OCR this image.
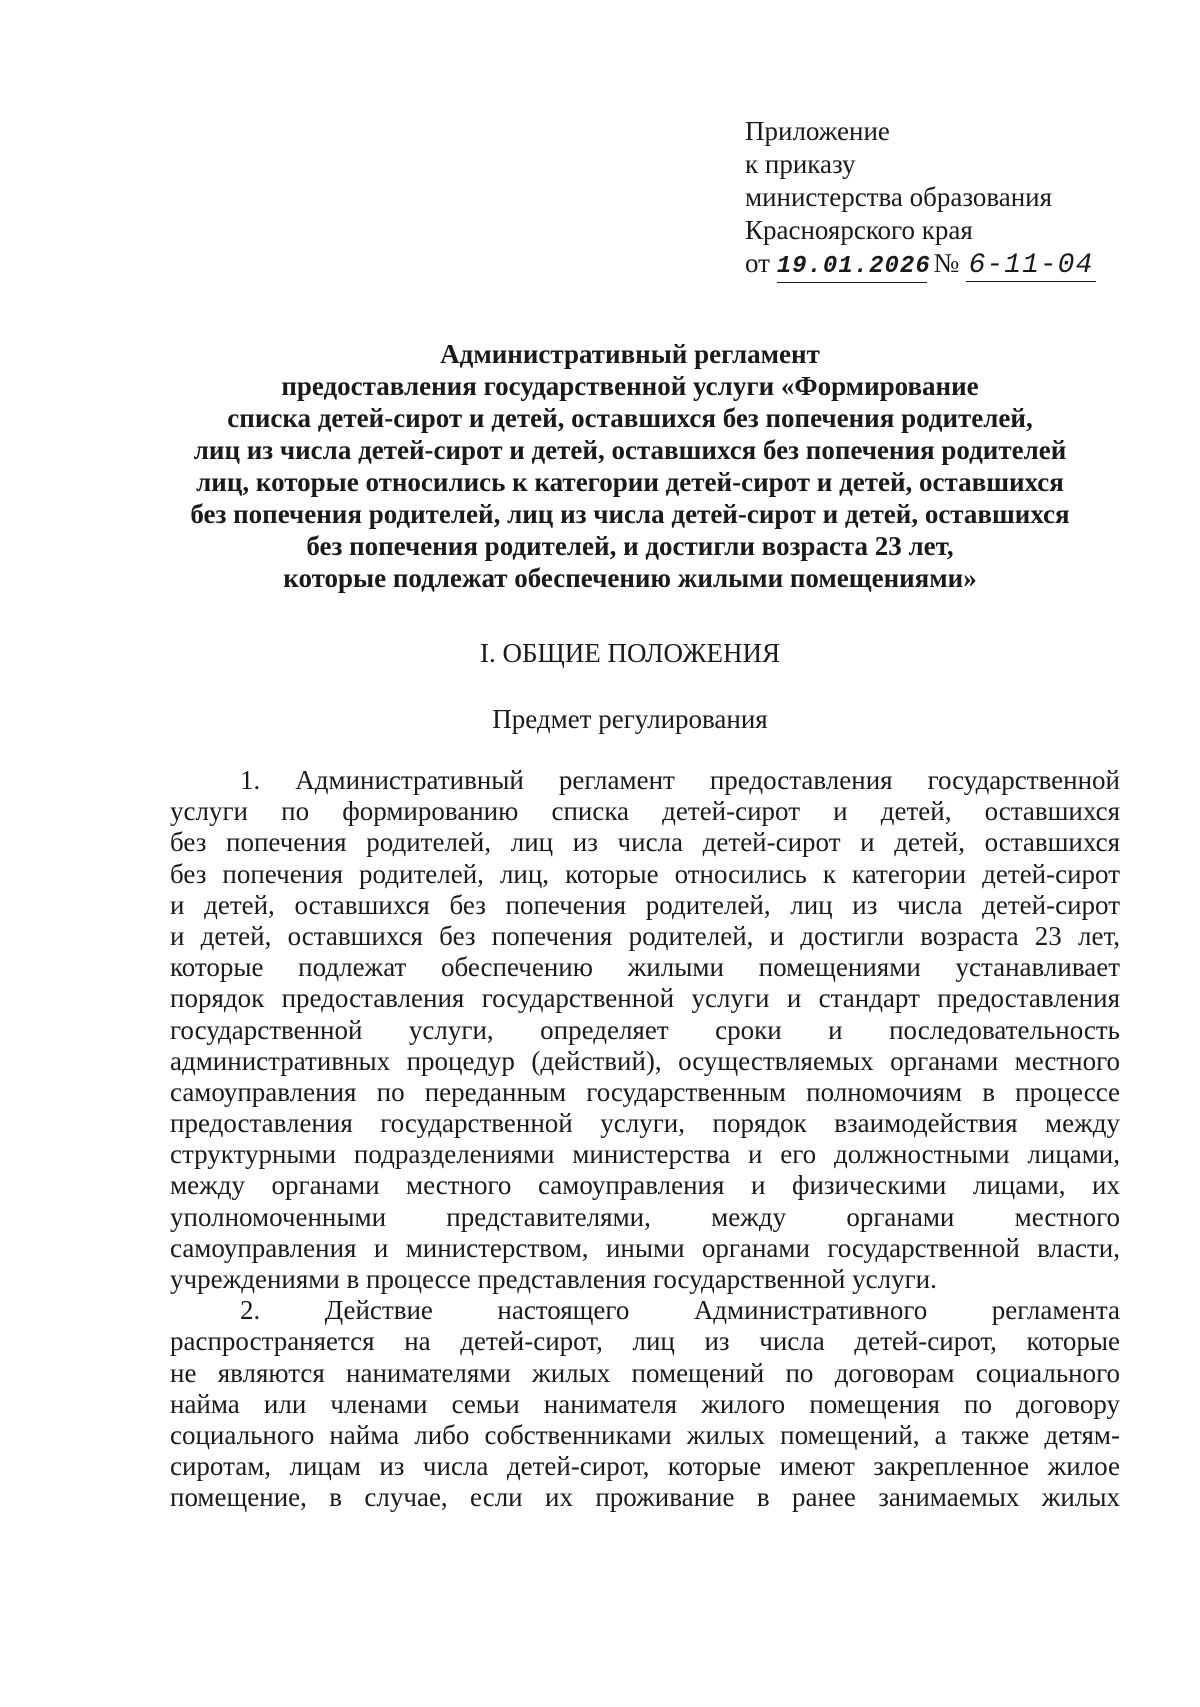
Приложение
к приказу
министерства образования
Красноярского края
от 19.01.2026 № 6-11-04
Административный регламент
предоставления государственной услуги «Формирование
списка детей-сирот и детей, оставшихся без попечения родителей,
лиц из числа детей-сирот и детей, оставшихся без попечения родителей
лиц, которые относились к категории детей-сирот и детей, оставшихся
без попечения родителей, лиц из числа детей-сирот и детей, оставшихся
без попечения родителей, и достигли возраста 23 лет,
которые подлежат обеспечению жилыми помещениями»
I. ОБЩИЕ ПОЛОЖЕНИЯ
Предмет регулирования
1. Административный регламент предоставления государственной
услуги по формированию списка детей-сирот и детей, оставшихся
без попечения родителей, лиц из числа детей-сирот и детей, оставшихся
без попечения родителей, лиц, которые относились к категории детей-сирот
и детей, оставшихся без попечения родителей, лиц из числа детей-сирот
и детей, оставшихся без попечения родителей, и достигли возраста 23 лет,
которые подлежат обеспечению жилыми помещениями устанавливает
порядок предоставления государственной услуги и стандарт предоставления
государственной услуги, определяет сроки и последовательность
административных процедур (действий), осуществляемых органами местного
самоуправления по переданным государственным полномочиям в процессе
предоставления государственной услуги, порядок взаимодействия между
структурными подразделениями министерства и его должностными лицами,
между органами местного самоуправления и физическими лицами, их
уполномоченными представителями, между органами местного
самоуправления и министерством, иными органами государственной власти,
учреждениями в процессе представления государственной услуги.
2. Действие настоящего Административного регламента
распространяется на детей-сирот, лиц из числа детей-сирот, которые
не являются нанимателями жилых помещений по договорам социального
найма или членами семьи нанимателя жилого помещения по договору
социального найма либо собственниками жилых помещений, а также детям-
сиротам, лицам из числа детей-сирот, которые имеют закрепленное жилое
помещение, в случае, если их проживание в ранее занимаемых жилых
